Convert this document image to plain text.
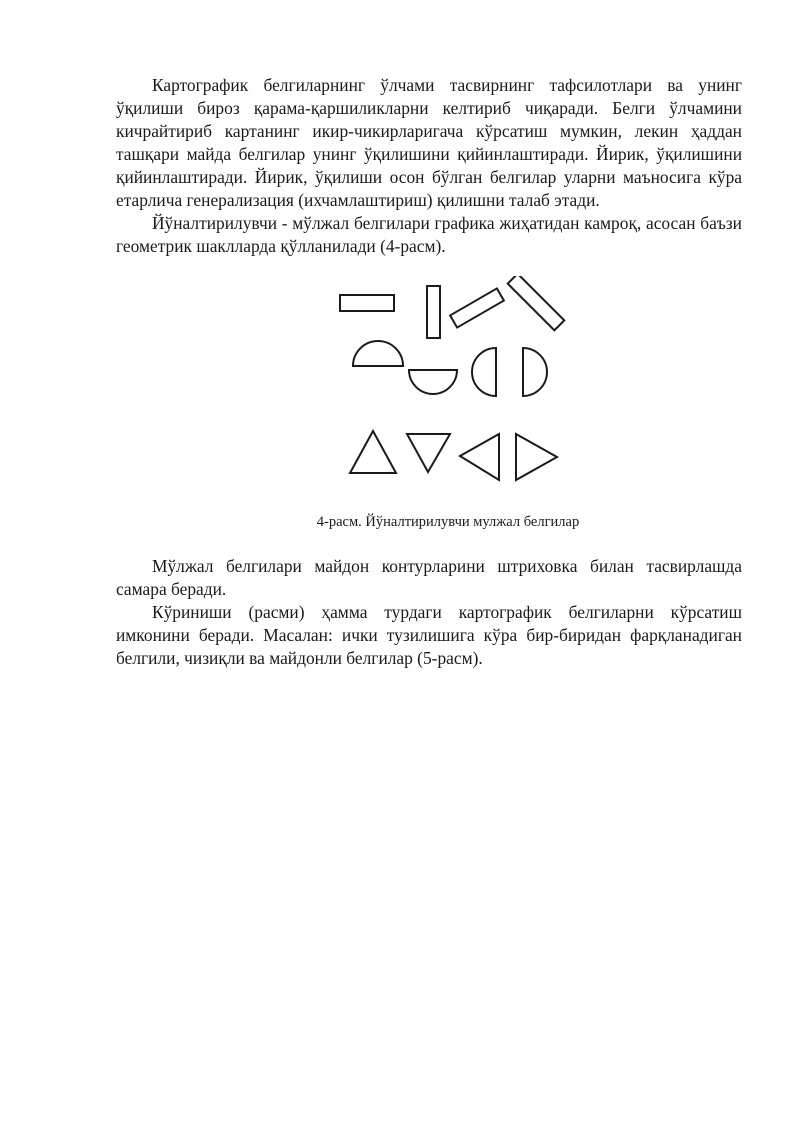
Картографик белгиларнинг ўлчами тасвирнинг тафсилотлари ва унинг ўқилиши бироз қарама-қаршиликларни келтириб чиқаради. Белги ўлчамини кичрайтириб картанинг икир-чикирларигача кўрсатиш мумкин, лекин ҳаддан ташқари майда белгилар унинг ўқилишини қийинлаштиради. Йирик, ўқилишини қийинлаштиради. Йирик, ўқилиши осон бўлган белгилар уларни маъносига кўра етарлича генерализация (ихчамлаштириш) қилишни талаб этади.

Йўналтирилувчи - мўлжал белгилари графика жиҳатидан камроқ, асосан баъзи геометрик шаклларда қўлланилади (4-расм).

4-расм. Йўналтирилувчи мулжал белгилар

Мўлжал белгилари майдон контурларини штриховка билан тасвирлашда самара беради.

Кўриниши (расми) ҳамма турдаги картографик белгиларни кўрсатиш имконини беради. Масалан: ички тузилишига кўра бир-биридан фарқланадиган белгили, чизиқли ва майдонли белгилар (5-расм).
